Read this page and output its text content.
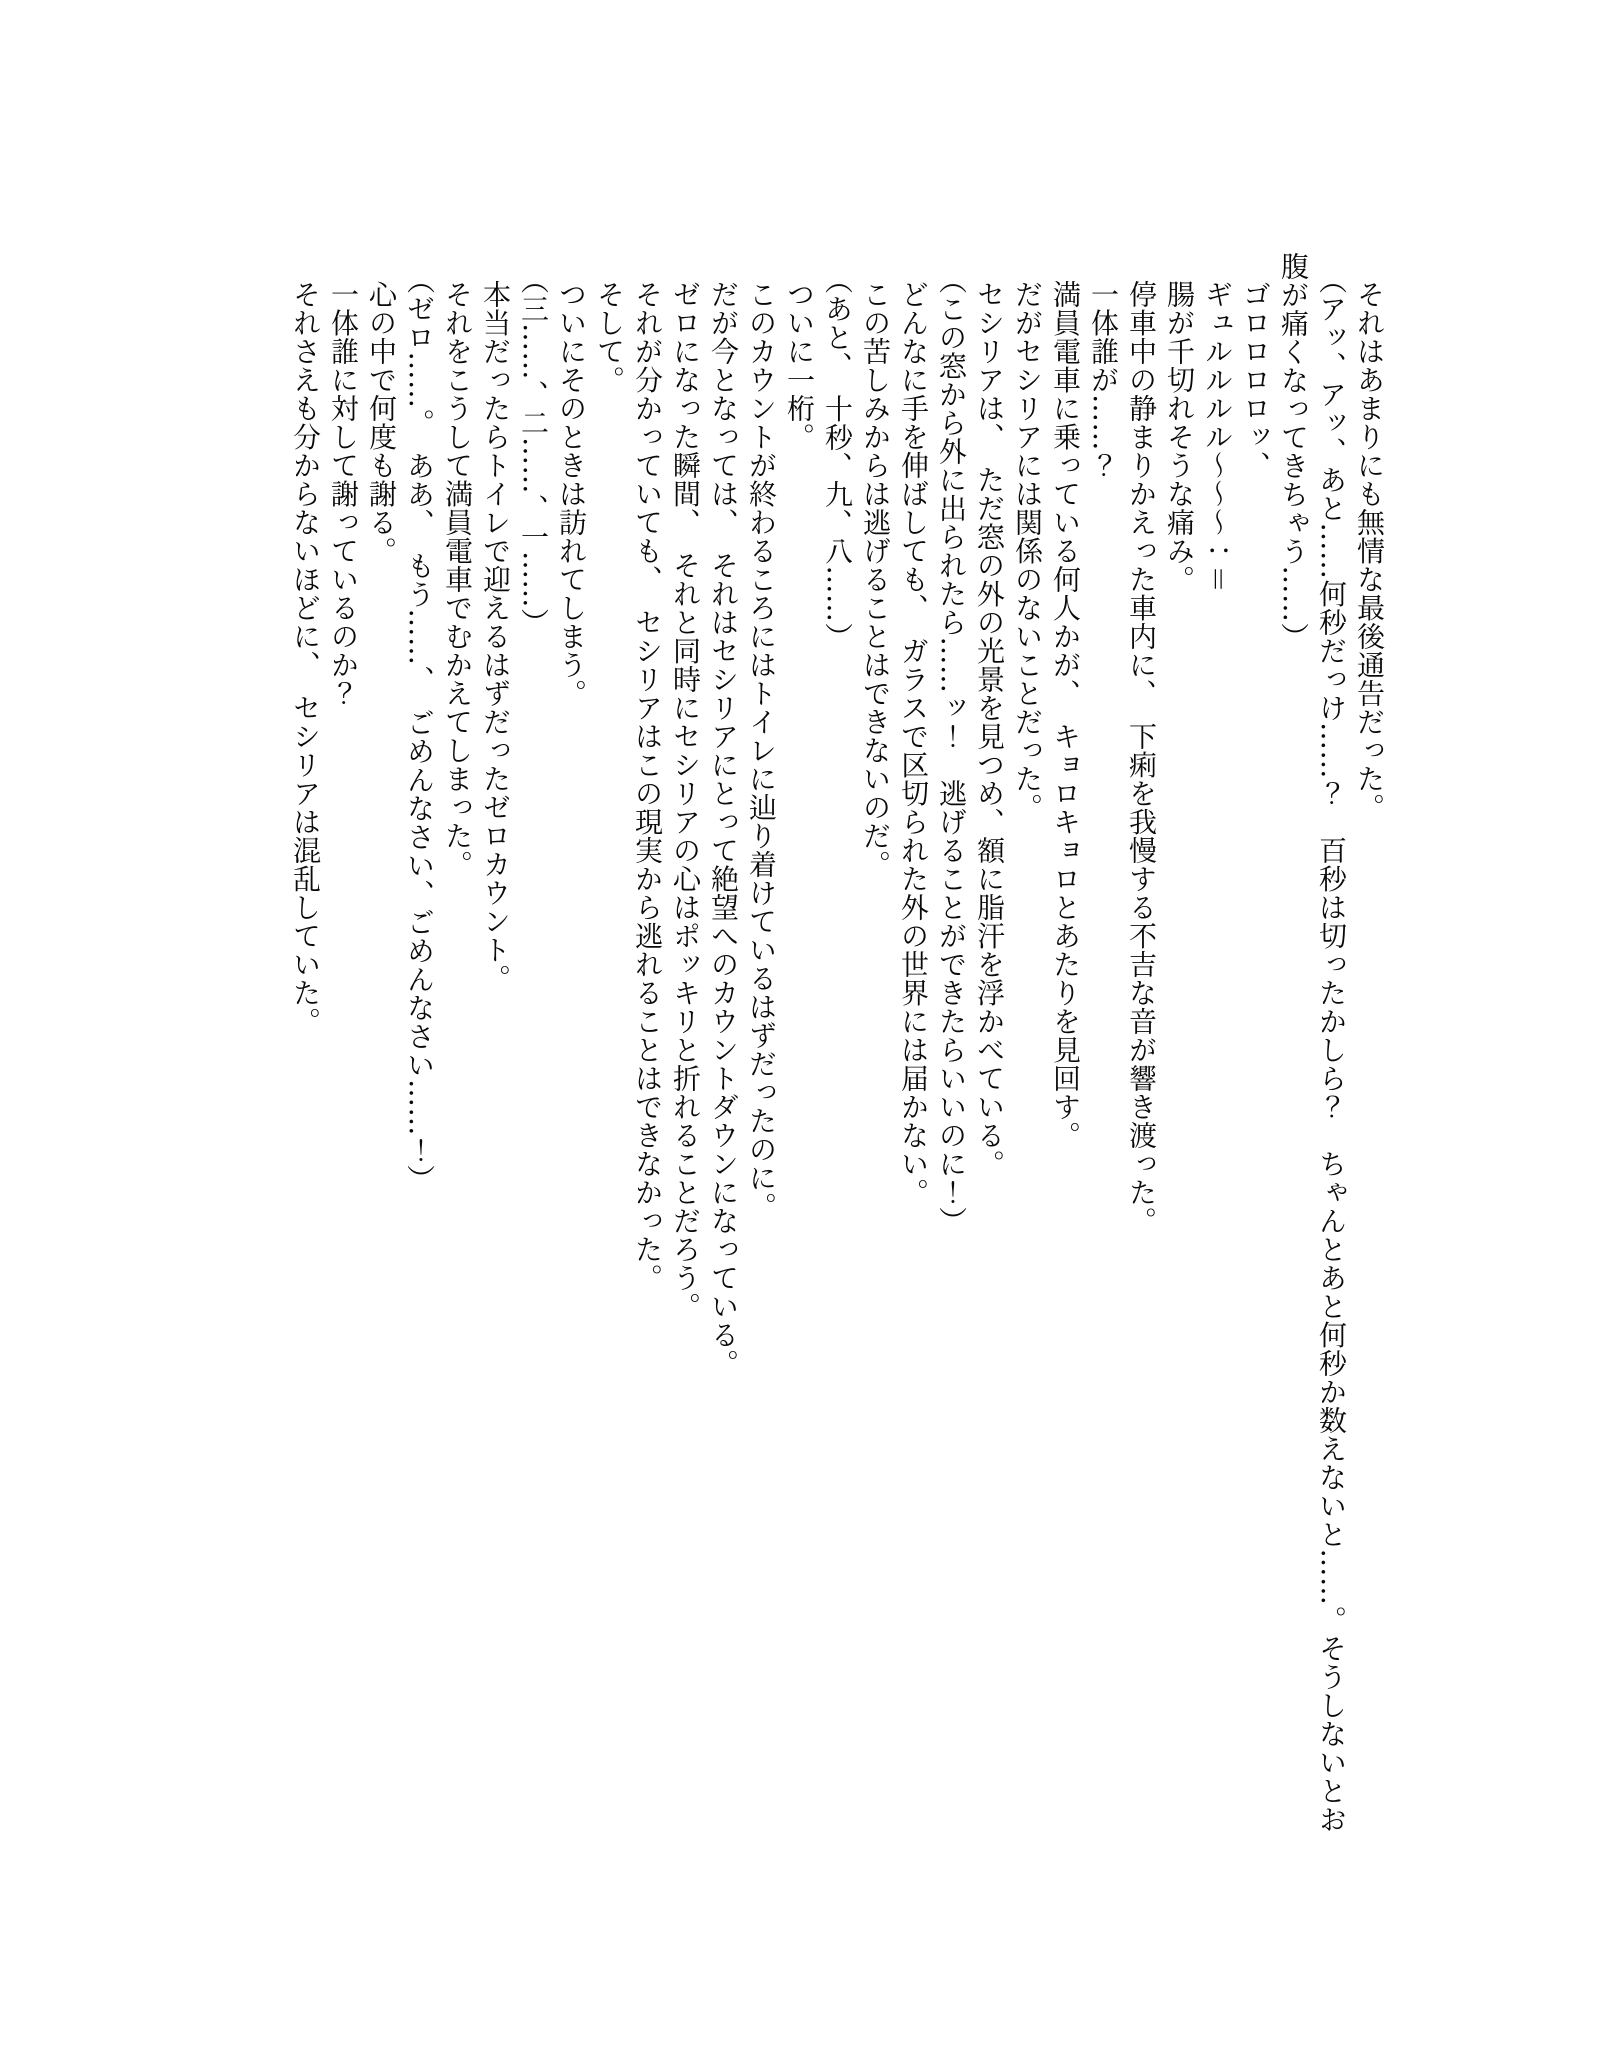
それはあまりにも無情な最後通告だった。

（アッ、アッ、あと……何秒だっけ……？　百秒は切ったかしら？　ちゃんとあと何秒か数えないと……。そうしないとお

腹が痛くなってきちゃう……）

ゴロロロロッ、

ギュルルルル〜〜〜：＝

腸が千切れそうな痛み。

停車中の静まりかえった車内に、　下痢を我慢する不吉な音が響き渡った。

一体誰が……？

満員電車に乗っている何人かが、　キョロキョロとあたりを見回す。

だがセシリアには関係のないことだった。

セシリアは、　ただ窓の外の光景を見つめ、額に脂汗を浮かべている。

（この窓から外に出られたら……ッ！　逃げることができたらいいのに！）

どんなに手を伸ばしても、　ガラスで区切られた外の世界には届かない。

この苦しみからは逃げることはできないのだ。

（あと、　十秒、九、八……）

ついに一桁。

このカウントが終わるころにはトイレに辿り着けているはずだったのに。

だが今となっては、　それはセシリアにとって絶望へのカウントダウンになっている。

ゼロになった瞬間、　それと同時にセシリアの心はポッキリと折れることだろう。

それが分かっていても、　セシリアはこの現実から逃れることはできなかった。

そして。

ついにそのときは訪れてしまう。

（三……、二……、一……）

本当だったらトイレで迎えるはずだったゼロカウント。

それをこうして満員電車でむかえてしまった。

（ゼロ……。　ああ、　もう……、　ごめんなさい、ごめんなさい……！）

心の中で何度も謝る。

一体誰に対して謝っているのか？

それさえも分からないほどに、　セシリアは混乱していた。
